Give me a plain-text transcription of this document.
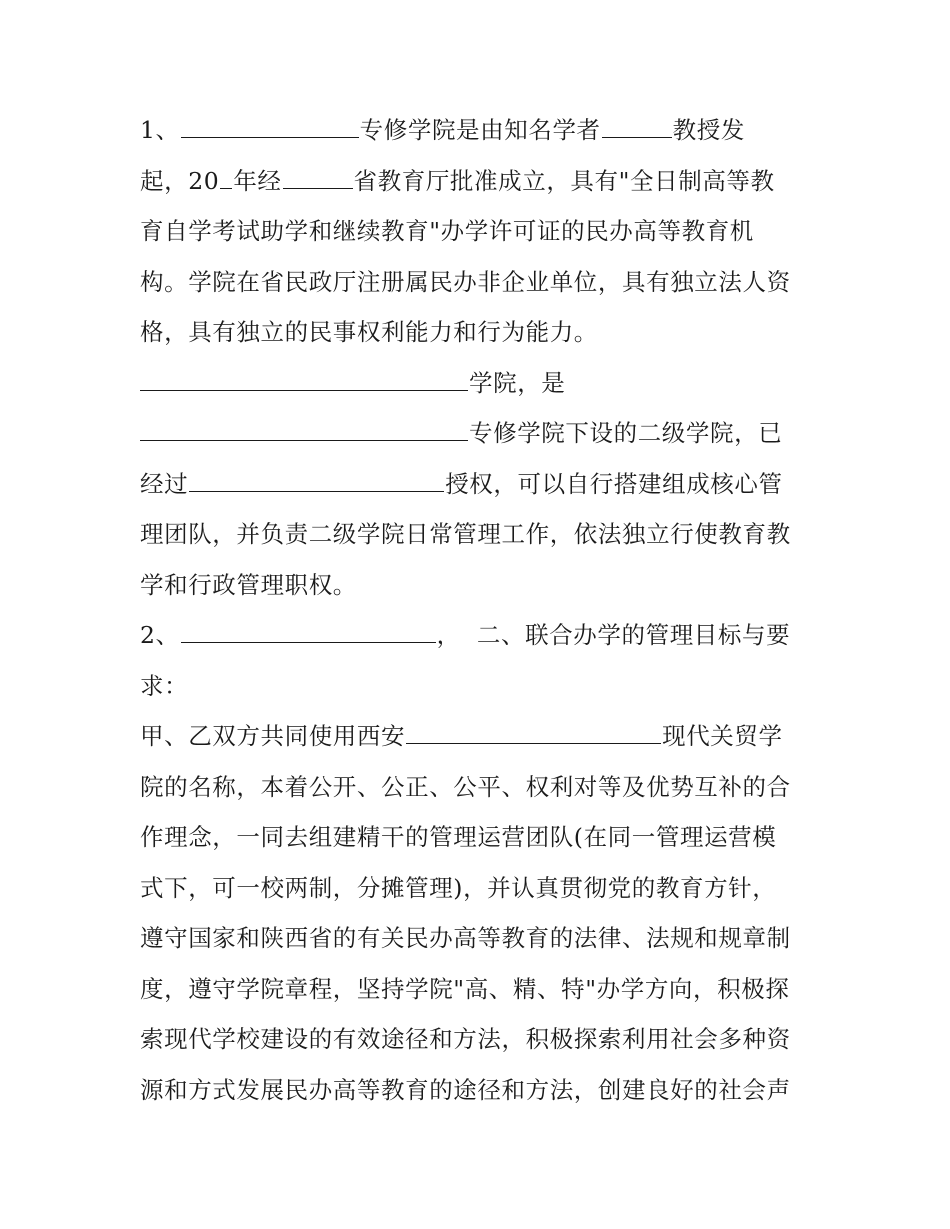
1、	专修学院是由知名学者	教授发
起，20 年经	省教育厅批准成立，具有"全日制高等教
育自学考试助学和继续教育"办学许可证的民办高等教育机
构。学院在省民政厅注册属民办非企业单位，具有独立法人资
格，具有独立的民事权利能力和行为能力。
学院，是
专修学院下设的二级学院，已
经过	授权，可以自行搭建组成核心管
理团队，并负责二级学院日常管理工作，依法独立行使教育教
学和行政管理职权。
2、	，  二、联合办学的管理目标与要
求：
甲、乙双方共同使用西安	现代关贸学
院的名称，本着公开、公正、公平、权利对等及优势互补的合
作理念，一同去组建精干的管理运营团队(在同一管理运营模
式下，可一校两制，分摊管理)，并认真贯彻党的教育方针，
遵守国家和陕西省的有关民办高等教育的法律、法规和规章制
度，遵守学院章程，坚持学院"高、精、特"办学方向，积极探
索现代学校建设的有效途径和方法，积极探索利用社会多种资
源和方式发展民办高等教育的途径和方法，创建良好的社会声
